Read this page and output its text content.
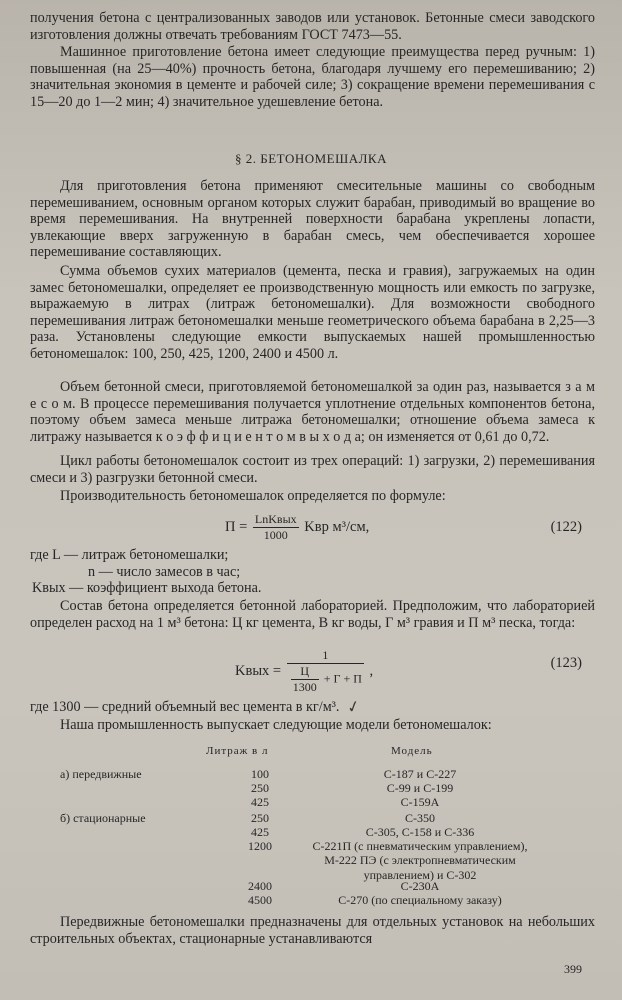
получения бетона с централизованных заводов или установок. Бетонные смеси заводского изготовления должны отвечать требованиям ГОСТ 7473—55.

Машинное приготовление бетона имеет следующие преимущества перед ручным: 1) повышенная (на 25—40%) прочность бетона, благодаря лучшему его перемешиванию; 2) значительная экономия в цементе и рабочей силе; 3) сокращение времени перемешивания с 15—20 до 1—2 мин; 4) значительное удешевление бетона.

§ 2. БЕТОНОМЕШАЛКА

Для приготовления бетона применяют смесительные машины со свободным перемешиванием, основным органом которых служит барабан, приводимый во вращение во время перемешивания. На внутренней поверхности барабана укреплены лопасти, увлекающие вверх загруженную в барабан смесь, чем обеспечивается хорошее перемешивание составляющих.

Сумма объемов сухих материалов (цемента, песка и гравия), загружаемых на один замес бетономешалки, определяет ее производственную мощность или емкость по загрузке, выражаемую в литрах (литраж бетономешалки). Для возможности свободного перемешивания литраж бетономешалки меньше геометрического объема барабана в 2,25—3 раза. Установлены следующие емкости выпускаемых нашей промышленностью бетономешалок: 100, 250, 425, 1200, 2400 и 4500 л.

Объем бетонной смеси, приготовляемой бетономешалкой за один раз, называется з а м е с о м. В процессе перемешивания получается уплотнение отдельных компонентов бетона, поэтому объем замеса меньше литража бетономешалки; отношение объема замеса к литражу называется к о э ф ф и ц и е н т о м в ы х о д а; он изменяется от 0,61 до 0,72.

Цикл работы бетономешалок состоит из трех операций: 1) загрузки, 2) перемешивания смеси и 3) разгрузки бетонной смеси.

Производительность бетономешалок определяется по формуле:

$П = \frac{\text{LnKвых}}{1000}$ Kвр м³/см,	(122)
где L — литраж бетономешалки;
n — число замесов в час;
Kвых — коэффициент выхода бетона.

Состав бетона определяется бетонной лабораторией. Предположим, что лабораторией определен расход на 1 м³ бетона: Ц кг цемента, В кг воды, Г м³ гравия и П м³ песка, тогда:

Kвых = $\frac{1}{\frac{Ц}{1300} + Г + П}$ ,	(123)

где 1300 — средний объемный вес цемента в кг/м³. ✓

Наша промышленность выпускает следующие модели бетономешалок:

Литраж в л	Модель
а) передвижные	100	С-187 и С-227
250	С-99 и С-199
425	С-159А
б) стационарные	250	С-350
425	С-305, С-158 и С-336
1200	С-221П (с пневматическим управлением), М-222 ПЭ (с электропневматическим управлением) и С-302
2400	С-230А
4500	С-270 (по специальному заказу)

Передвижные бетономешалки предназначены для отдельных установок на небольших строительных объектах, стационарные устанавливаются

399
